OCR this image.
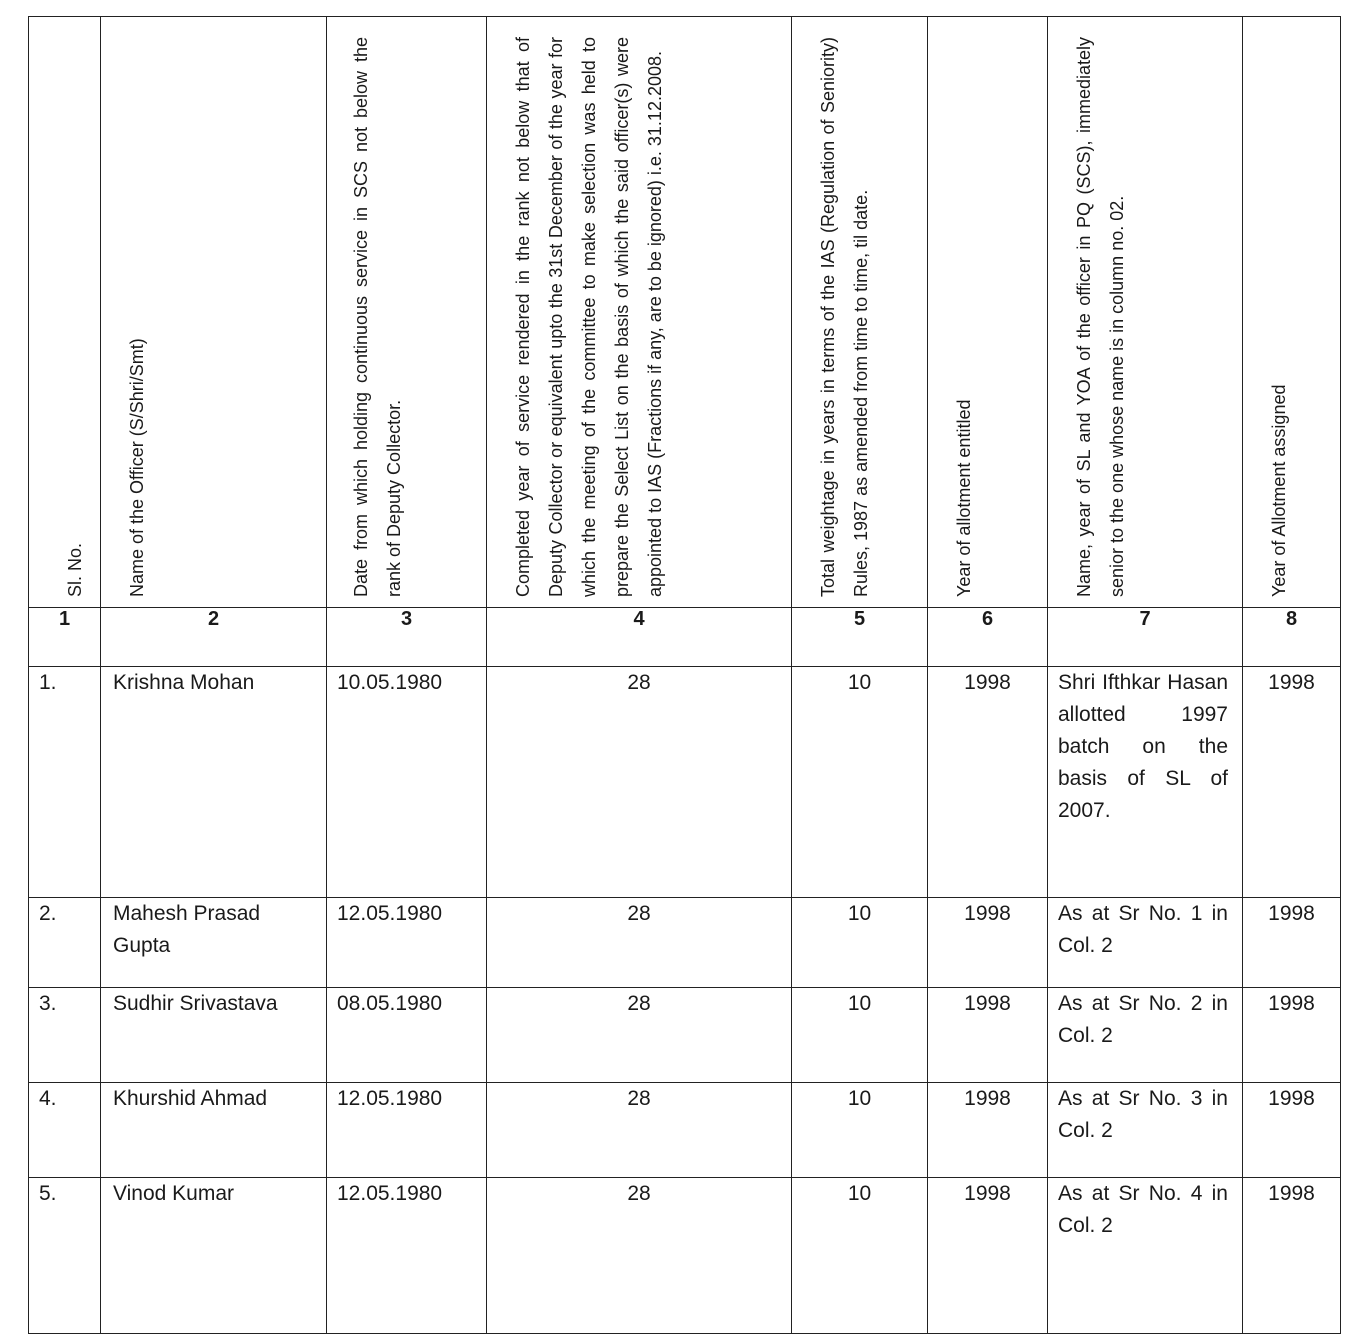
Sl. No.	Name of the Officer (S/Shri/Smt)	Date from which holding continuous service in SCS not below the rank of Deputy Collector.	Completed year of service rendered in the rank not below that of Deputy Collector or equivalent upto the 31st December of the year for which the meeting of the committee to make selection was held to prepare the Select List on the basis of which the said officer(s) were appointed to IAS (Fractions if any, are to be ignored) i.e. 31.12.2008.	Total weightage in years in terms of the IAS (Regulation of Seniority) Rules, 1987 as amended from time to time, til date.	Year of allotment entitled	Name, year of SL and YOA of the officer in PQ (SCS), immediately senior to the one whose name is in column no. 02.	Year of Allotment assigned

1	2	3	4	5	6	7	8
1.	Krishna Mohan	10.05.1980	28	10	1998	Shri Ifthkar Hasan allotted 1997 batch on the basis of SL of 2007.	1998
2.	Mahesh Prasad Gupta	12.05.1980	28	10	1998	As at Sr No. 1 in Col. 2	1998
3.	Sudhir Srivastava	08.05.1980	28	10	1998	As at Sr No. 2 in Col. 2	1998
4.	Khurshid Ahmad	12.05.1980	28	10	1998	As at Sr No. 3 in Col. 2	1998
5.	Vinod Kumar	12.05.1980	28	10	1998	As at Sr No. 4 in Col. 2	1998
